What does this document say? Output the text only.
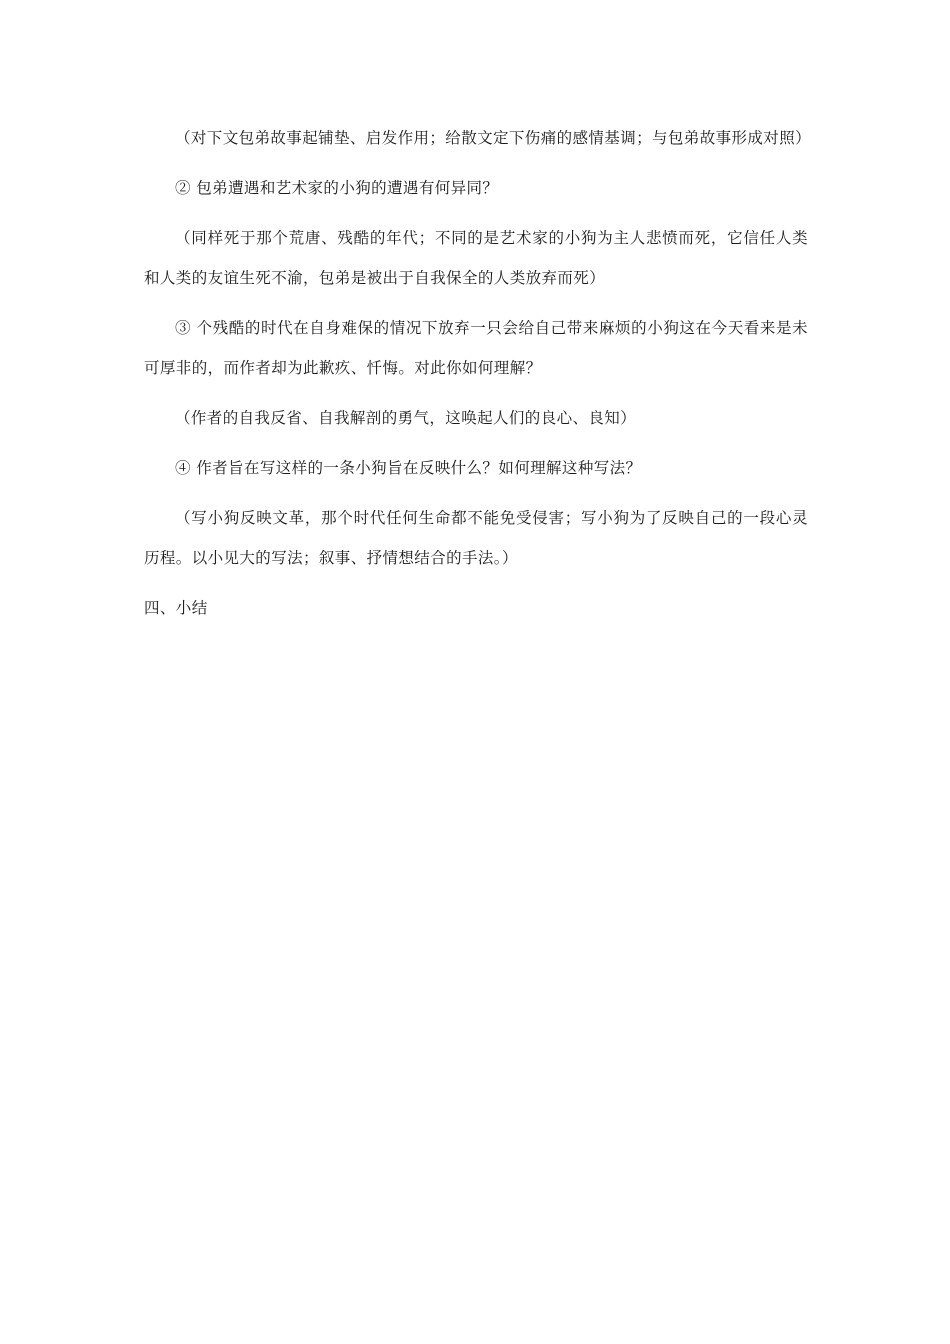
（对下文包弟故事起铺垫、启发作用；给散文定下伤痛的感情基调；与包弟故事形成对照）

② 包弟遭遇和艺术家的小狗的遭遇有何异同？

（同样死于那个荒唐、残酷的年代；不同的是艺术家的小狗为主人悲愤而死，它信任人类和人类的友谊生死不渝，包弟是被出于自我保全的人类放弃而死）

③ 个残酷的时代在自身难保的情况下放弃一只会给自己带来麻烦的小狗这在今天看来是未可厚非的，而作者却为此歉疚、忏悔。对此你如何理解？

（作者的自我反省、自我解剖的勇气，这唤起人们的良心、良知）

④ 作者旨在写这样的一条小狗旨在反映什么？如何理解这种写法？

（写小狗反映文革，那个时代任何生命都不能免受侵害；写小狗为了反映自己的一段心灵历程。以小见大的写法；叙事、抒情想结合的手法。）

四、小结
